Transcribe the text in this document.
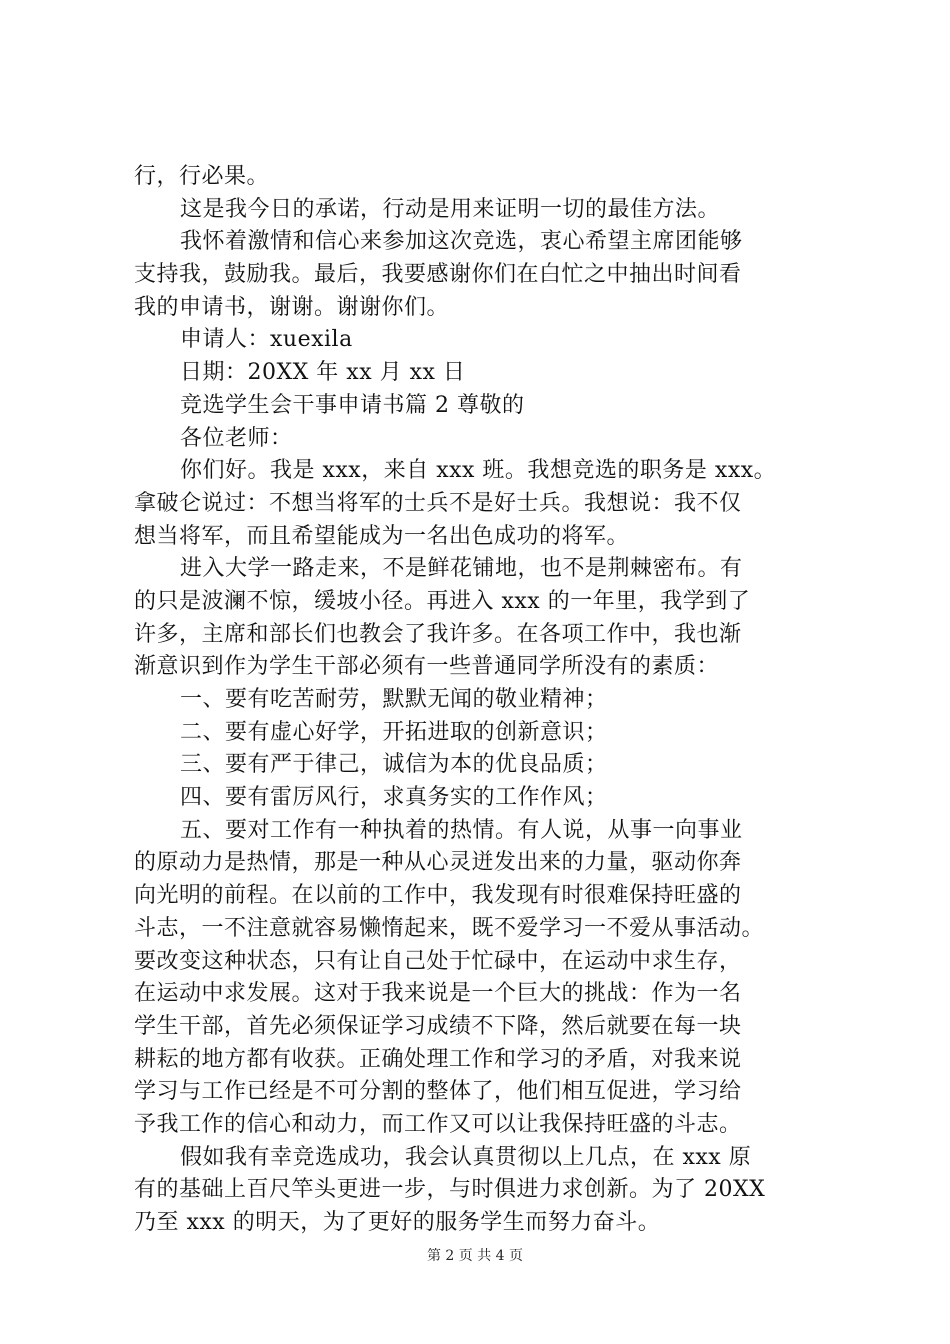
行，行必果。
这是我今日的承诺，行动是用来证明一切的最佳方法。
我怀着激情和信心来参加这次竞选，衷心希望主席团能够
支持我，鼓励我。最后，我要感谢你们在白忙之中抽出时间看
我的申请书，谢谢。谢谢你们。
申请人：xuexila
日期：20XX 年 xx 月 xx 日
竞选学生会干事申请书篇 2 尊敬的
各位老师：
你们好。我是 xxx，来自 xxx 班。我想竞选的职务是 xxx。
拿破仑说过：不想当将军的士兵不是好士兵。我想说：我不仅
想当将军，而且希望能成为一名出色成功的将军。
进入大学一路走来，不是鲜花铺地，也不是荆棘密布。有
的只是波澜不惊，缓坡小径。再进入 xxx 的一年里，我学到了
许多，主席和部长们也教会了我许多。在各项工作中，我也渐
渐意识到作为学生干部必须有一些普通同学所没有的素质：
一、要有吃苦耐劳，默默无闻的敬业精神；
二、要有虚心好学，开拓进取的创新意识；
三、要有严于律己，诚信为本的优良品质；
四、要有雷厉风行，求真务实的工作作风；
五、要对工作有一种执着的热情。有人说，从事一向事业
的原动力是热情，那是一种从心灵迸发出来的力量，驱动你奔
向光明的前程。在以前的工作中，我发现有时很难保持旺盛的
斗志，一不注意就容易懒惰起来，既不爱学习一不爱从事活动。
要改变这种状态，只有让自己处于忙碌中，在运动中求生存，
在运动中求发展。这对于我来说是一个巨大的挑战：作为一名
学生干部，首先必须保证学习成绩不下降，然后就要在每一块
耕耘的地方都有收获。正确处理工作和学习的矛盾，对我来说
学习与工作已经是不可分割的整体了，他们相互促进，学习给
予我工作的信心和动力，而工作又可以让我保持旺盛的斗志。
假如我有幸竞选成功，我会认真贯彻以上几点，在 xxx 原
有的基础上百尺竿头更进一步，与时俱进力求创新。为了 20XX
乃至 xxx 的明天，为了更好的服务学生而努力奋斗。
第 2 页 共 4 页
